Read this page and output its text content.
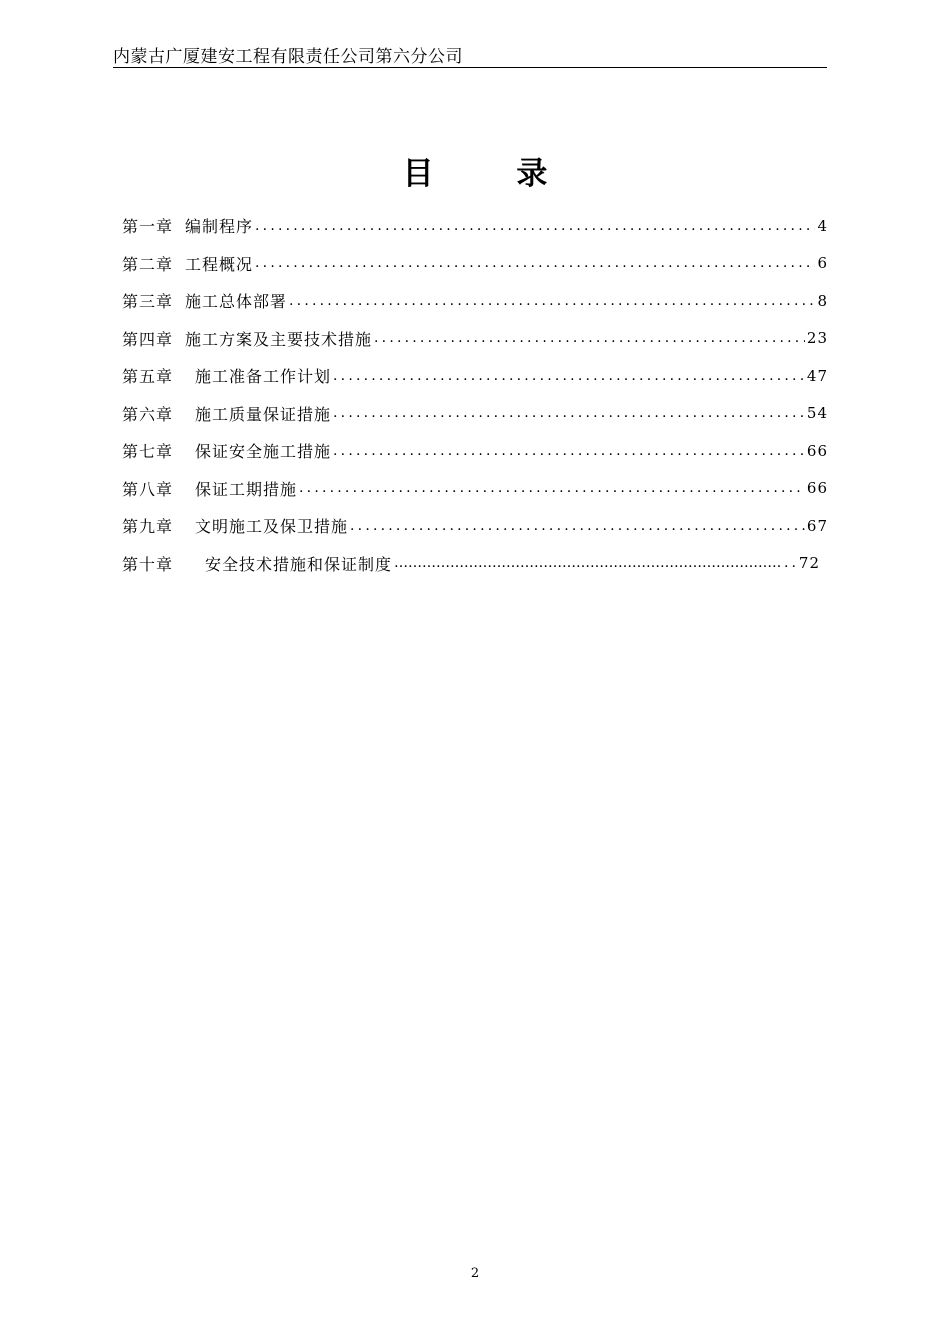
内蒙古广厦建安工程有限责任公司第六分公司
目 录
第一章 编制程序 .....	4
第二章 工程概况 .....	6
第三章 施工总体部署 .....	8
第四章 施工方案及主要技术措施 .....	23
第五章 施工准备工作计划 .....	47
第六章 施工质量保证措施 .....	54
第七章 保证安全施工措施 .....	66
第八章 保证工期措施 .....	66
第九章 文明施工及保卫措施 .....	67
第十章 安全技术措施和保证制度 ……………………………………………………………………………………………………………………………………	.. 72
2
